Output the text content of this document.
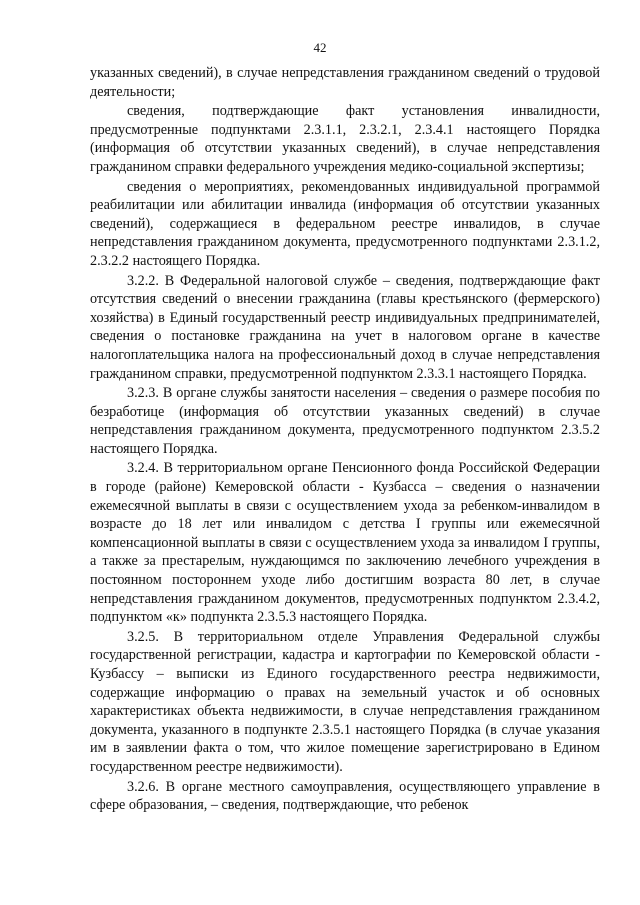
42

указанных сведений), в случае непредставления гражданином сведений о трудовой деятельности;

сведения, подтверждающие факт установления инвалидности, предусмотренные подпунктами 2.3.1.1, 2.3.2.1, 2.3.4.1 настоящего Порядка (информация об отсутствии указанных сведений), в случае непредставления гражданином справки федерального учреждения медико-социальной экспертизы;

сведения о мероприятиях, рекомендованных индивидуальной программой реабилитации или абилитации инвалида (информация об отсутствии указанных сведений), содержащиеся в федеральном реестре инвалидов, в случае непредставления гражданином документа, предусмотренного подпунктами 2.3.1.2, 2.3.2.2 настоящего Порядка.

3.2.2. В Федеральной налоговой службе – сведения, подтверждающие факт отсутствия сведений о внесении гражданина (главы крестьянского (фермерского) хозяйства) в Единый государственный реестр индивидуальных предпринимателей, сведения о постановке гражданина на учет в налоговом органе в качестве налогоплательщика налога на профессиональный доход в случае непредставления гражданином справки, предусмотренной подпунктом 2.3.3.1 настоящего Порядка.

3.2.3. В органе службы занятости населения – сведения о размере пособия по безработице (информация об отсутствии указанных сведений) в случае непредставления гражданином документа, предусмотренного подпунктом 2.3.5.2 настоящего Порядка.

3.2.4. В территориальном органе Пенсионного фонда Российской Федерации в городе (районе) Кемеровской области - Кузбасса – сведения о назначении ежемесячной выплаты в связи с осуществлением ухода за ребенком-инвалидом в возрасте до 18 лет или инвалидом с детства I группы или ежемесячной компенсационной выплаты в связи с осуществлением ухода за инвалидом I группы, а также за престарелым, нуждающимся по заключению лечебного учреждения в постоянном постороннем уходе либо достигшим возраста 80 лет, в случае непредставления гражданином документов, предусмотренных подпунктом 2.3.4.2, подпунктом «к» подпункта 2.3.5.3 настоящего Порядка.

3.2.5. В территориальном отделе Управления Федеральной службы государственной регистрации, кадастра и картографии по Кемеровской области - Кузбассу – выписки из Единого государственного реестра недвижимости, содержащие информацию о правах на земельный участок и об основных характеристиках объекта недвижимости, в случае непредставления гражданином документа, указанного в подпункте 2.3.5.1 настоящего Порядка (в случае указания им в заявлении факта о том, что жилое помещение зарегистрировано в Едином государственном реестре недвижимости).

3.2.6. В органе местного самоуправления, осуществляющего управление в сфере образования, – сведения, подтверждающие, что ребенок
